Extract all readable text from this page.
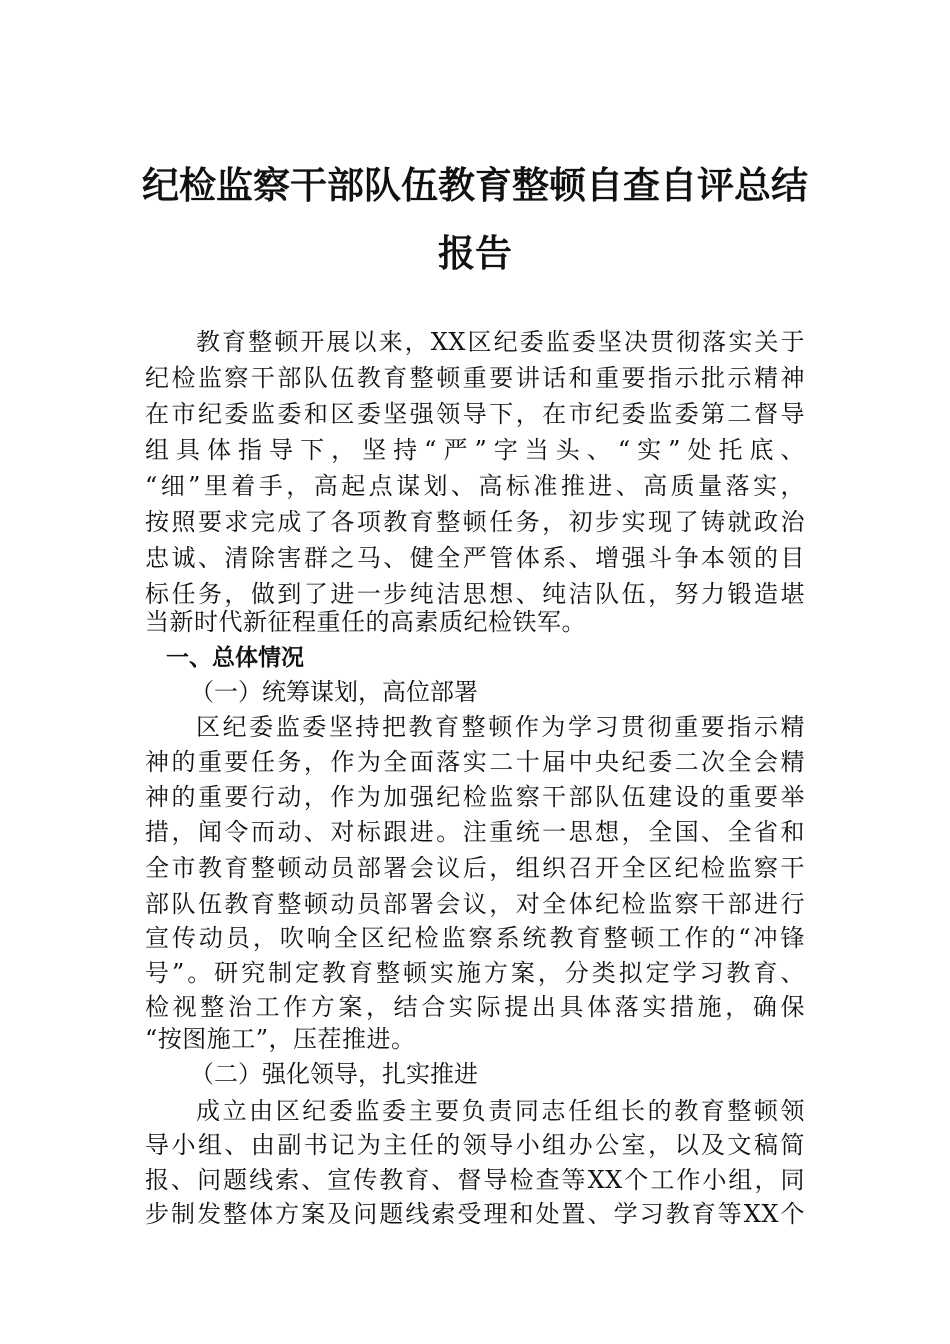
纪检监察干部队伍教育整顿自查自评总结
报告
教育整顿开展以来，XX区纪委监委坚决贯彻落实关于
纪检监察干部队伍教育整顿重要讲话和重要指示批示精神
在市纪委监委和区委坚强领导下，在市纪委监委第二督导
组具体指导下，坚持“严”字当头、“实”处托底、
“细”里着手，高起点谋划、高标准推进、高质量落实，
按照要求完成了各项教育整顿任务，初步实现了铸就政治
忠诚、清除害群之马、健全严管体系、增强斗争本领的目
标任务，做到了进一步纯洁思想、纯洁队伍，努力锻造堪
当新时代新征程重任的高素质纪检铁军。
一、总体情况
（一）统筹谋划，高位部署
区纪委监委坚持把教育整顿作为学习贯彻重要指示精
神的重要任务，作为全面落实二十届中央纪委二次全会精
神的重要行动，作为加强纪检监察干部队伍建设的重要举
措，闻令而动、对标跟进。注重统一思想，全国、全省和
全市教育整顿动员部署会议后，组织召开全区纪检监察干
部队伍教育整顿动员部署会议，对全体纪检监察干部进行
宣传动员，吹响全区纪检监察系统教育整顿工作的“冲锋
号”。研究制定教育整顿实施方案，分类拟定学习教育、
检视整治工作方案，结合实际提出具体落实措施，确保
“按图施工”，压茬推进。
（二）强化领导，扎实推进
成立由区纪委监委主要负责同志任组长的教育整顿领
导小组、由副书记为主任的领导小组办公室，以及文稿简
报、问题线索、宣传教育、督导检查等XX个工作小组，同
步制发整体方案及问题线索受理和处置、学习教育等XX个
